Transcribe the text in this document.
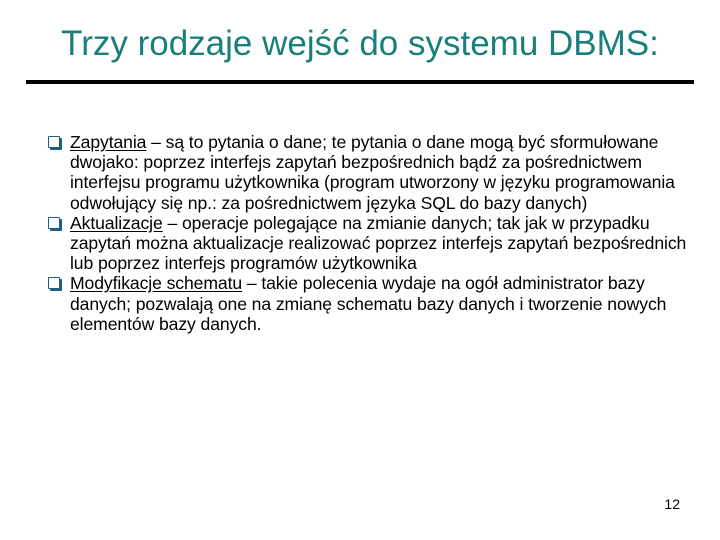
Trzy rodzaje wejść do systemu DBMS:
Zapytania – są to pytania o dane; te pytania o dane mogą być sformułowane dwojako: poprzez interfejs zapytań bezpośrednich bądź za pośrednictwem interfejsu programu użytkownika (program utworzony w języku programowania odwołujący się np.: za pośrednictwem języka SQL do bazy danych)
Aktualizacje – operacje polegające na zmianie danych; tak jak w przypadku zapytań można aktualizacje realizować poprzez interfejs zapytań bezpośrednich lub poprzez interfejs programów użytkownika
Modyfikacje schematu – takie polecenia wydaje na ogół administrator bazy danych; pozwalają one na zmianę schematu bazy danych i tworzenie nowych elementów bazy danych.
12
